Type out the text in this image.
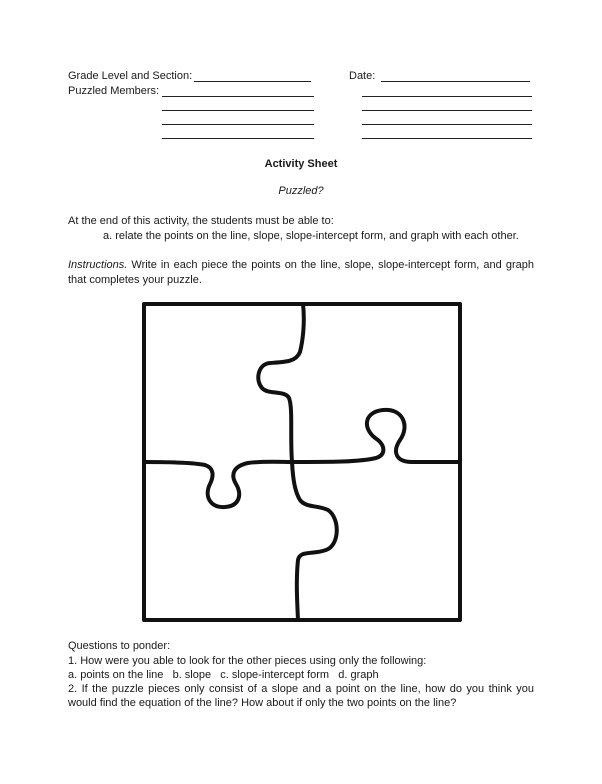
Grade Level and Section:	Date:
Puzzled Members:
Activity Sheet
Puzzled?
At the end of this activity, the students must be able to:
a. relate the points on the line, slope, slope-intercept form, and graph with each other.
Instructions. Write in each piece the points on the line, slope, slope-intercept form, and graph that completes your puzzle.
Questions to ponder:
1. How were you able to look for the other pieces using only the following:
a. points on the line   b. slope   c. slope-intercept form   d. graph
2. If the puzzle pieces only consist of a slope and a point on the line, how do you think you would find the equation of the line? How about if only the two points on the line?
